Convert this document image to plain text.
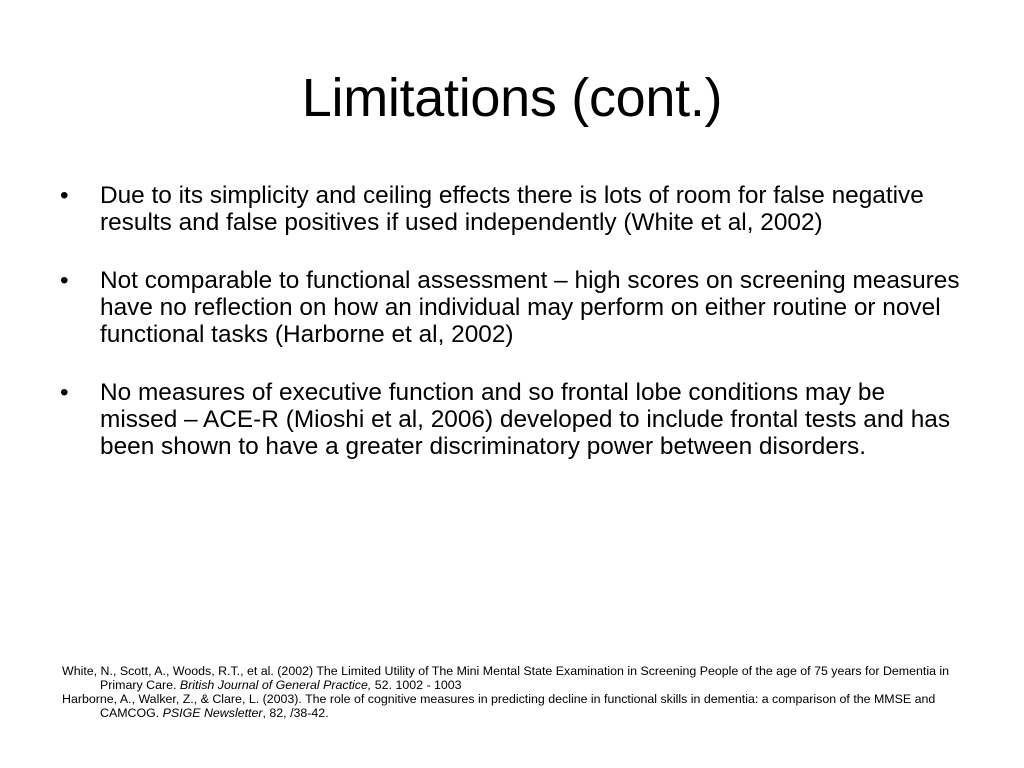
Limitations (cont.)
•	Due to its simplicity and ceiling effects there is lots of room for false negative results and false positives if used independently (White et al, 2002)
•	Not comparable to functional assessment – high scores on screening measures have no reflection on how an individual may perform on either routine or novel functional tasks (Harborne et al, 2002)
•	No measures of executive function and so frontal lobe conditions may be missed – ACE-R (Mioshi et al, 2006) developed to include frontal tests and has been shown to have a greater discriminatory power between disorders.

White, N., Scott, A., Woods, R.T., et al. (2002) The Limited Utility of The Mini Mental State Examination in Screening People of the age of 75 years for Dementia in Primary Care. British Journal of General Practice, 52. 1002 - 1003

Harborne, A., Walker, Z., & Clare, L. (2003). The role of cognitive measures in predicting decline in functional skills in dementia: a comparison of the MMSE and CAMCOG. PSIGE Newsletter, 82, /38-42.
